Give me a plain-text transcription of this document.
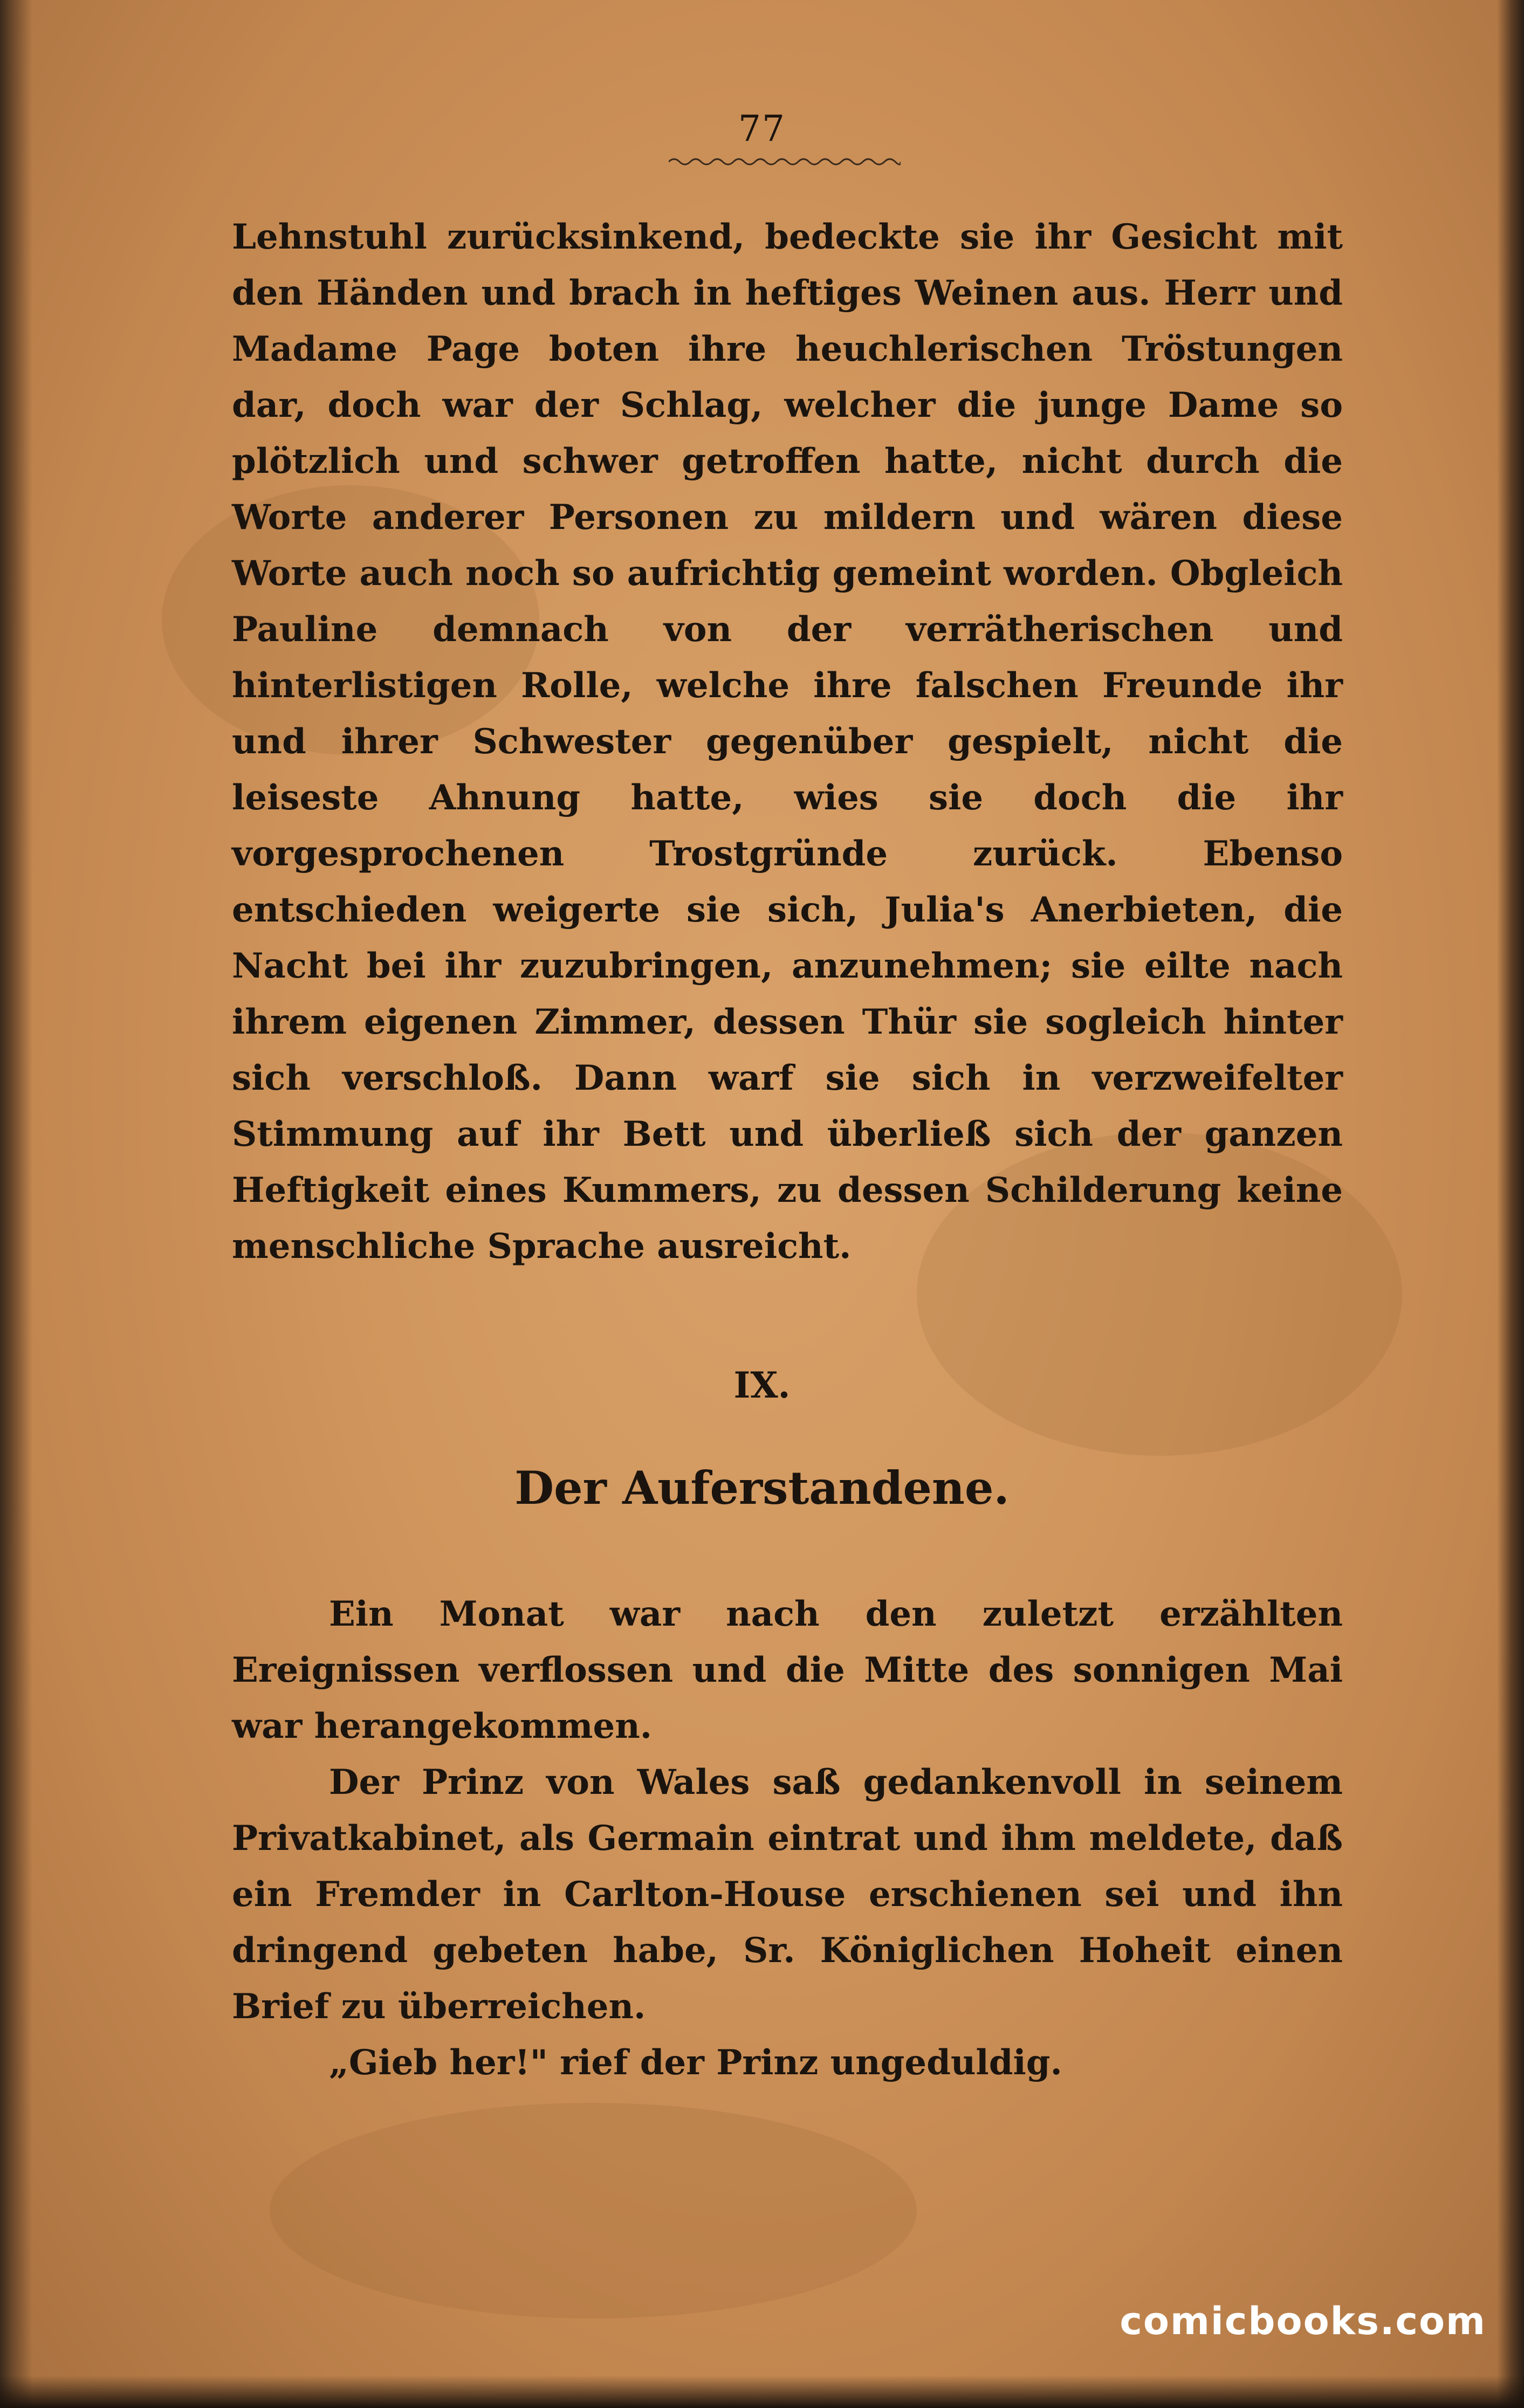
77
Lehnstuhl zurücksinkend, bedeckte sie ihr Gesicht mit den Händen und brach in heftiges Weinen aus. Herr und Madame Page boten ihre heuchlerischen Tröstungen dar, doch war der Schlag, welcher die junge Dame so plötzlich und schwer getroffen hatte, nicht durch die Worte anderer Personen zu mildern und wären diese Worte auch noch so aufrichtig gemeint worden. Obgleich Pauline demnach von der verrätherischen und hinterlistigen Rolle, welche ihre falschen Freunde ihr und ihrer Schwester gegenüber gespielt, nicht die leiseste Ahnung hatte, wies sie doch die ihr vorgesprochenen Trostgründe zurück. Ebenso entschieden weigerte sie sich, Julia's Anerbieten, die Nacht bei ihr zuzubringen, anzunehmen; sie eilte nach ihrem eigenen Zimmer, dessen Thür sie sogleich hinter sich verschloß. Dann warf sie sich in verzweifelter Stimmung auf ihr Bett und überließ sich der ganzen Heftigkeit eines Kummers, zu dessen Schilderung keine menschliche Sprache ausreicht.
IX.
Der Auferstandene.
Ein Monat war nach den zuletzt erzählten Ereignissen verflossen und die Mitte des sonnigen Mai war herangekommen.
Der Prinz von Wales saß gedankenvoll in seinem Privatkabinet, als Germain eintrat und ihm meldete, daß ein Fremder in Carlton-House erschienen sei und ihn dringend gebeten habe, Sr. Königlichen Hoheit einen Brief zu überreichen.
„Gieb her!" rief der Prinz ungeduldig.
comicbooks.com
